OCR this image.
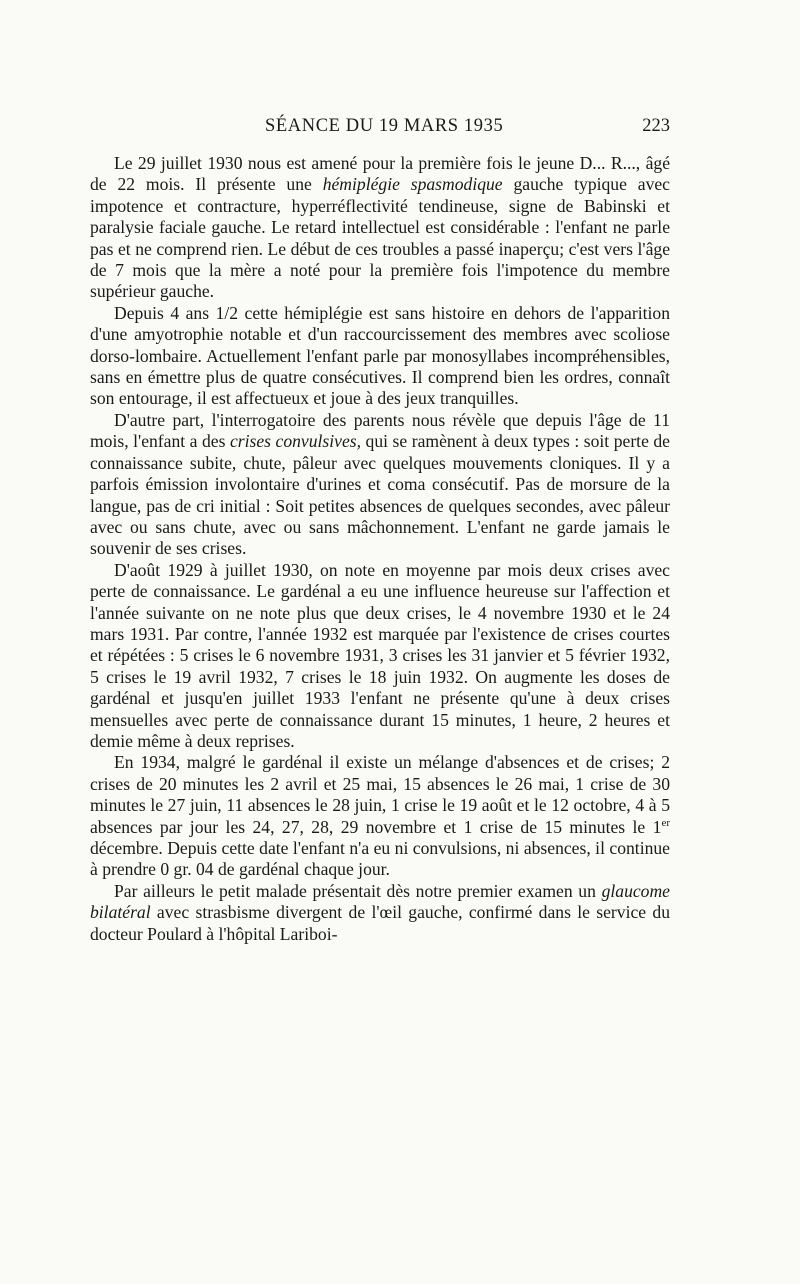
SÉANCE DU 19 MARS 1935	223

Le 29 juillet 1930 nous est amené pour la première fois le jeune D... R..., âgé de 22 mois. Il présente une hémiplégie spasmodique gauche typique avec impotence et contracture, hyperréflectivité tendineuse, signe de Babinski et paralysie faciale gauche. Le retard intellectuel est considérable : l'enfant ne parle pas et ne comprend rien. Le début de ces troubles a passé inaperçu; c'est vers l'âge de 7 mois que la mère a noté pour la première fois l'impotence du membre supérieur gauche.

Depuis 4 ans 1/2 cette hémiplégie est sans histoire en dehors de l'apparition d'une amyotrophie notable et d'un raccourcissement des membres avec scoliose dorso-lombaire. Actuellement l'enfant parle par monosyllabes incompréhensibles, sans en émettre plus de quatre consécutives. Il comprend bien les ordres, connaît son entourage, il est affectueux et joue à des jeux tranquilles.

D'autre part, l'interrogatoire des parents nous révèle que depuis l'âge de 11 mois, l'enfant a des crises convulsives, qui se ramènent à deux types : soit perte de connaissance subite, chute, pâleur avec quelques mouvements cloniques. Il y a parfois émission involontaire d'urines et coma consécutif. Pas de morsure de la langue, pas de cri initial : Soit petites absences de quelques secondes, avec pâleur avec ou sans chute, avec ou sans mâchonnement. L'enfant ne garde jamais le souvenir de ses crises.

D'août 1929 à juillet 1930, on note en moyenne par mois deux crises avec perte de connaissance. Le gardénal a eu une influence heureuse sur l'affection et l'année suivante on ne note plus que deux crises, le 4 novembre 1930 et le 24 mars 1931. Par contre, l'année 1932 est marquée par l'existence de crises courtes et répétées : 5 crises le 6 novembre 1931, 3 crises les 31 janvier et 5 février 1932, 5 crises le 19 avril 1932, 7 crises le 18 juin 1932. On augmente les doses de gardénal et jusqu'en juillet 1933 l'enfant ne présente qu'une à deux crises mensuelles avec perte de connaissance durant 15 minutes, 1 heure, 2 heures et demie même à deux reprises.

En 1934, malgré le gardénal il existe un mélange d'absences et de crises; 2 crises de 20 minutes les 2 avril et 25 mai, 15 absences le 26 mai, 1 crise de 30 minutes le 27 juin, 11 absences le 28 juin, 1 crise le 19 août et le 12 octobre, 4 à 5 absences par jour les 24, 27, 28, 29 novembre et 1 crise de 15 minutes le 1er décembre. Depuis cette date l'enfant n'a eu ni convulsions, ni absences, il continue à prendre 0 gr. 04 de gardénal chaque jour.

Par ailleurs le petit malade présentait dès notre premier examen un glaucome bilatéral avec strasbisme divergent de l'œil gauche, confirmé dans le service du docteur Poulard à l'hôpital Lariboi-
